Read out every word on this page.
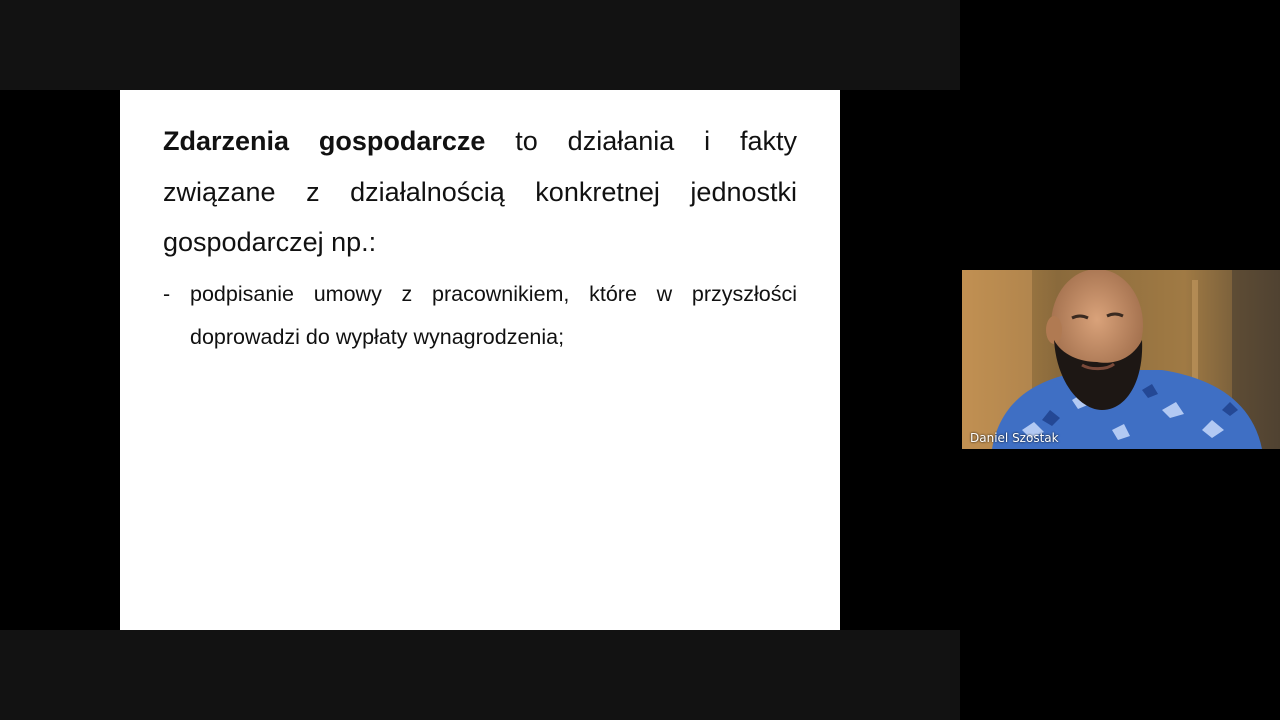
Zdarzenia gospodarcze to działania i fakty związane z działalnością konkretnej jednostki gospodarczej np.:
- podpisanie umowy z pracownikiem, które w przyszłości doprowadzi do wypłaty wynagrodzenia;
Daniel Szostak
